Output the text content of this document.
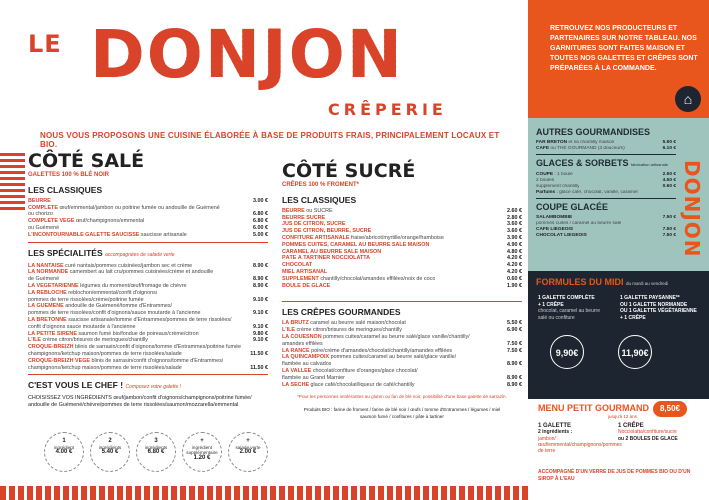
LE DONJON
CRÊPERIE
NOUS VOUS PROPOSONS UNE CUISINE ÉLABORÉE À BASE DE PRODUITS FRAIS, PRINCIPALEMENT LOCAUX ET BIO.
CÔTÉ SALÉ
GALETTES 100 % BLÉ NOIR
LES CLASSIQUES
BEURRE	3.00 €
COMPLÈTE œuf/emmental/jambon ou poitrine fumée ou andouille de Guémené
ou chorizo	6.80 €
COMPLÈTE VÉGÉ œuf/champignons/emmental	6.80 €
ou Guémené	6.00 €
L'INCONTOURNABLE GALETTE SAUCISSE saucisse artisanale	5.00 €
LES SPÉCIALITÉS accompagnées de salade verte
LA NANTAISE curé nantais/pommes cuisinées/jambon sec et crème	8.90 €
LA NORMANDE camembert au lait cru/pommes cuisinées/crème et andouille
de Guémené	8.90 €
LA VÉGÉTARIENNE légumes du moment/œuf/fromage de chèvre	8.90 €
LA REBLOCHE reblochon/emmental/confit d'oignons/
pommes de terre rissolées/crème/poitrine fumée	9.10 €
LA GUÉMENÉ andouille de Guémené/tomme d'Entrammes/
pommes de terre rissolées/confit d'oignons/sauce moutarde à l'ancienne	9.10 €
LA BRETONNE saucisse artisanale/tomme d'Entrammes/pommes de terre rissolées/
confit d'oignons sauce moutarde à l'ancienne	9.10 €
LA PETITE SIRÈNE saumon fumé bio/fondue de poireaux/crème/citron	9.80 €
L'ÎLE crème citron/brisures de meringues/chantilly	9.10 €
CROQUE-BREIZH blinis de sarrasin/confit d'oignons/tomme d'Entrammes/poitrine fumée
champignons/ketchup maison/pommes de terre rissolées/salade	11.50 €
CROQUE-BREIZH VÉGÉ blinis de sarrasin/confit d'oignons/tomme d'Entrammes/
champignons/ketchup maison/pommes de terre rissolées/salade	11.50 €
C'EST VOUS LE CHEF ! Composez votre galette !
CHOISISSEZ VOS INGRÉDIENTS œuf/jambon/confit d'oignons/champignons/poitrine fumée/
andouille de Guémené/chèvre/pommes de terre rissolées/saumon/mozzarella/emmental
1
ingrédient
4.00 €
2
ingrédients
5.40 €
3
ingrédients
6.80 €
+
ingrédient supplémentaire
1.20 €
+
salade verte
2.00 €
CÔTÉ SUCRÉ
CRÊPES 100 % FROMENT*
LES CLASSIQUES
BEURRE ou SUCRE	2.60 €
BEURRE SUCRE	2.80 €
JUS DE CITRON, SUCRE	3.60 €
JUS DE CITRON, BEURRE, SUCRE	3.60 €
CONFITURE ARTISANALE fraise/abricot/myrtille/orange/framboise	3.90 €
POMMES CUITES, CARAMEL AU BEURRE SALÉ MAISON	4.90 €
CARAMEL AU BEURRE SALÉ MAISON	4.80 €
PÂTE À TARTINER NOCCIOLATTA	4.20 €
CHOCOLAT	4.20 €
MIEL ARTISANAL	4.20 €
SUPPLÉMENT chantilly/chocolat/amandes effilées/noix de coco	0.60 €
BOULE DE GLACE	1.90 €
LES CRÊPES GOURMANDES
LA BRUTZ caramel au beurre salé maison/chocolat	5.50 €
L'ÎLE crème citron/brisures de meringues/chantilly	6.90 €
LA COUESNON pommes cuites/caramel au beurre salé/glace vanille/chantilly/
amandes effilées	7.50 €
LA RANCE poire/crème d'amandes/chocolat/chantilly/amandes effilées	7.50 €
LA QUINCAMPOIX pommes cuites/caramel au beurre salé/glace vanille/
flambée au calvados	8.90 €
LA VALLÉE chocolat/confiture d'oranges/glace chocolat/
flambée au Grand Marnier	8.90 €
LA SÉCHE glace café/chocolat/liqueur de café/chantilly	8.90 €
*Pour les personnes intolérantes au gluten ou fan de blé noir, possibilité d'une base galette de sarrazin.
Produits BIO : farine de froment / farine de blé noir / œufs / tomme d'Entrammes / légumes / miel
saumon fumé / confitures / pâte à tartiner

RETROUVEZ NOS PRODUCTEURS ET PARTENAIRES SUR NOTRE TABLEAU. NOS GARNITURES SONT FAITES MAISON ET TOUTES NOS GALETTES ET CRÊPES SONT PRÉPARÉES À LA COMMANDE.

⌂
AUTRES GOURMANDISES
FAR BRETON et sa chantilly maison	5.90 €
CAFÉ ou THÉ GOURMAND (3 douceurs)	6.10 €
GLACES & SORBETS fabrication artisanale
COUPE : 1 boule	2.50 €
2 boules	4.50 €
supplément chantilly	0.60 €
Parfums : glace café, chocolat, vanille, caramel
COUPE GLACÉE
SALAMBOMBIE	7.50 €
pommes cuites / caramel au beurre salé
CAFÉ LIÉGEOIS	7.50 €
CHOCOLAT LIÉGEOIS	7.50 € DONJON
FORMULES DU MIDI du mardi au vendredi
1 GALETTE COMPLÈTE
+ 1 CRÊPE
chocolat, caramel au beurre salé ou confiture
9,90€
1 GALETTE PAYSANNE**
OU 1 GALETTE NORMANDE
OU 1 GALETTE VÉGÉTARIENNE
+ 1 CRÊPE
11,90€
MENU PETIT GOURMAND	8,50€
jusqu'à 12 ans
1 GALETTE
2 ingrédients :
jambon/œuf/emmental/champignons/pommes de terre
1 CRÊPE
Nocciolatta/confiture/sucre
ou 2 BOULES DE GLACE
ACCOMPAGNÉ D'UN VERRE DE JUS DE POMMES BIO OU D'UN SIROP À L'EAU
